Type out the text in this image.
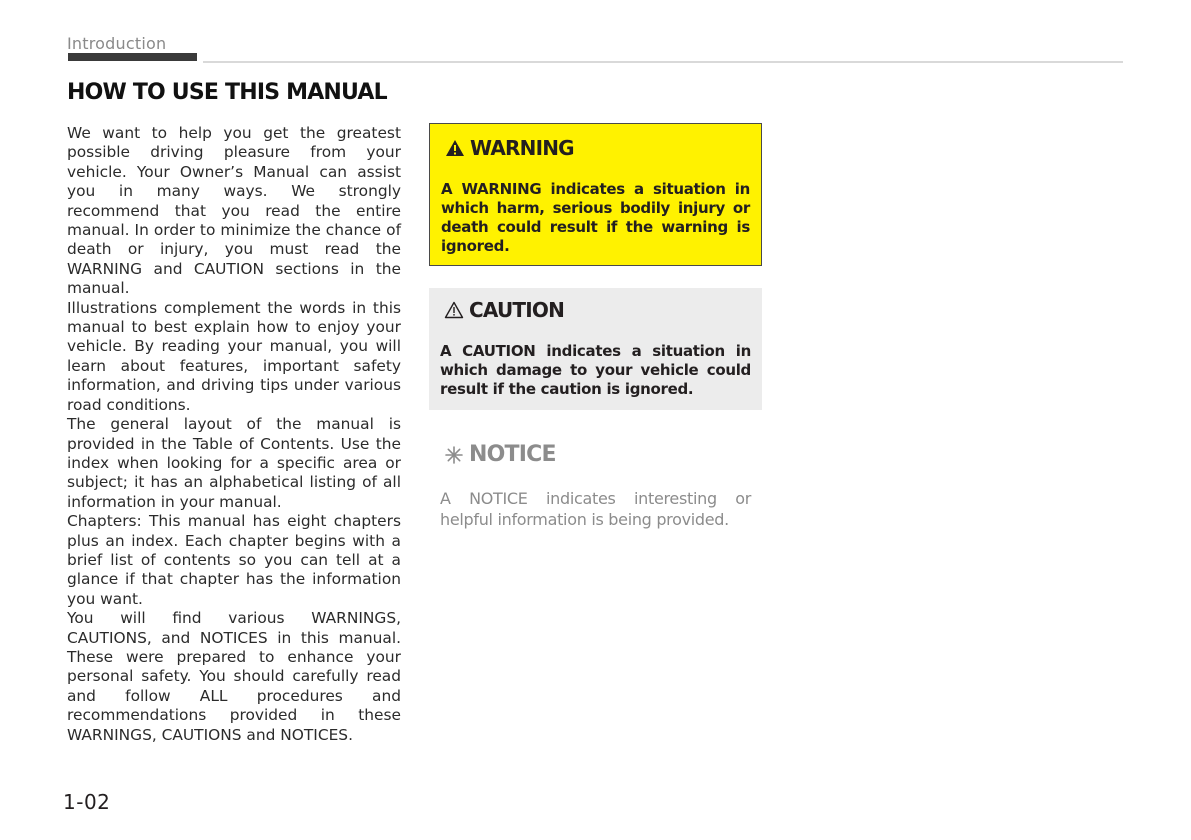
Introduction
HOW TO USE THIS MANUAL

We want to help you get the greatest possible driving pleasure from your vehicle. Your Owner’s Manual can assist you in many ways. We strongly recommend that you read the entire manual. In order to minimize the chance of death or injury, you must read the WARNING and CAUTION sections in the manual.

Illustrations complement the words in this manual to best explain how to enjoy your vehicle. By reading your manual, you will learn about features, important safety information, and driving tips under various road conditions.

The general layout of the manual is provided in the Table of Contents. Use the index when looking for a specific area or subject; it has an alphabetical listing of all information in your manual.

Chapters: This manual has eight chapters plus an index. Each chapter begins with a brief list of contents so you can tell at a glance if that chapter has the information you want.

You will find various WARNINGS, CAUTIONS, and NOTICES in this manual. These were prepared to enhance your personal safety. You should carefully read and follow ALL procedures and recommendations provided in these WARNINGS, CAUTIONS and NOTICES.

WARNING

A WARNING indicates a situation in which harm, serious bodily injury or death could result if the warning is ignored.

CAUTION

A CAUTION indicates a situation in which damage to your vehicle could result if the caution is ignored.

NOTICE

A NOTICE indicates interesting or helpful information is being provided.

1-02
